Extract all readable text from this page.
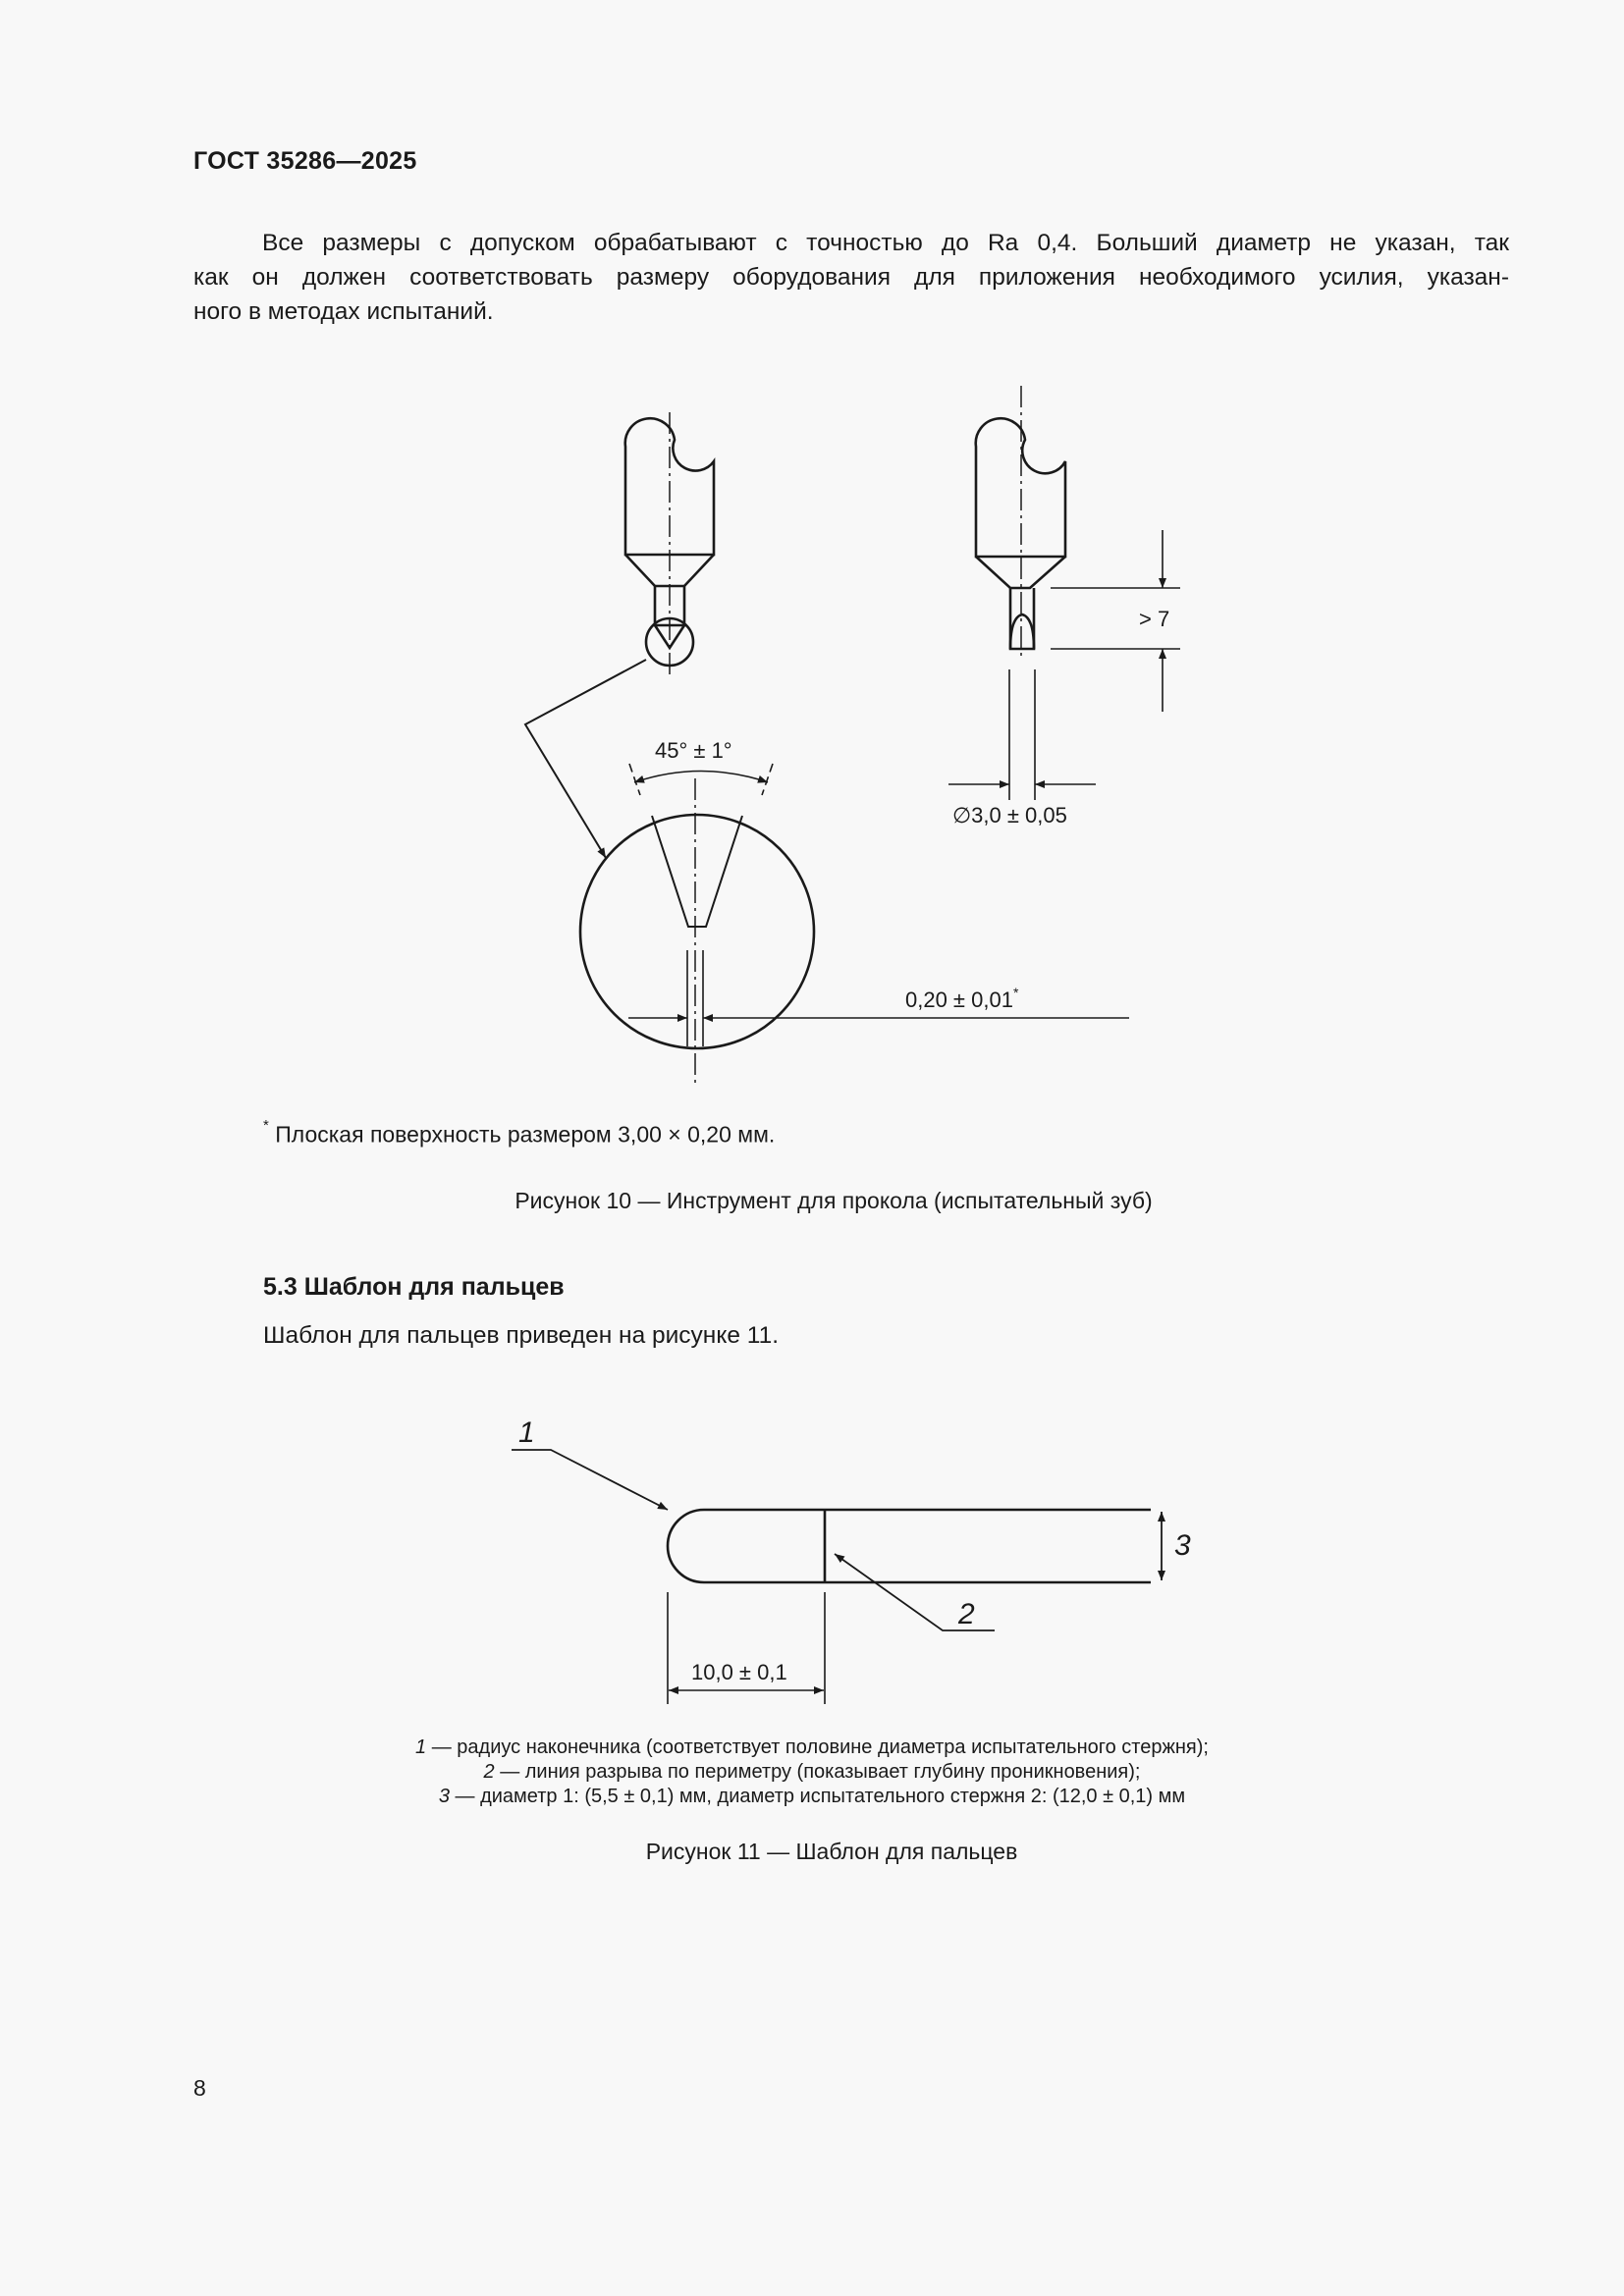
ГОСТ 35286—2025

Все размеры с допуском обрабатывают с точностью до Ra 0,4. Больший диаметр не указан, так

как он должен соответствовать размеру оборудования для приложения необходимого усилия, указан-

ного в методах испытаний.

45° ± 1°
> 7
∅3,0 ± 0,05
0,20 ± 0,01*
1
2
3
10,0 ± 0,1
* Плоская поверхность размером 3,00 × 0,20 мм.
Рисунок 10 — Инструмент для прокола (испытательный зуб)
5.3 Шаблон для пальцев
Шаблон для пальцев приведен на рисунке 11.
1 — радиус наконечника (соответствует половине диаметра испытательного стержня);
2 — линия разрыва по периметру (показывает глубину проникновения);
3 — диаметр 1: (5,5 ± 0,1) мм, диаметр испытательного стержня 2: (12,0 ± 0,1) мм
Рисунок 11 — Шаблон для пальцев
8
